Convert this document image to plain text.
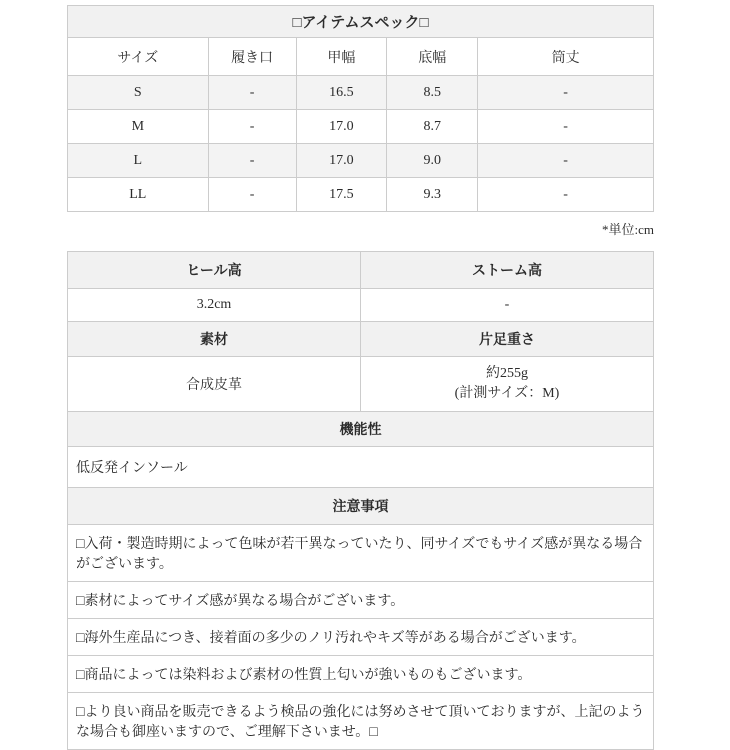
□アイテムスペック□				
サイズ	履き口	甲幅	底幅	筒丈
S	-	16.5	8.5	-
M	-	17.0	8.7	-
L	-	17.0	9.0	-
LL	-	17.5	9.3	-
*単位:cm
ヒール高	ストーム高
3.2cm	-
素材	片足重さ
合成皮革	約255g
(計測サイズ：M)

機能性	
低反発インソール	
注意事項	
□入荷・製造時期によって色味が若干異なっていたり、同サイズでもサイズ感が異なる場合がございます。	
□素材によってサイズ感が異なる場合がございます。	
□海外生産品につき、接着面の多少のノリ汚れやキズ等がある場合がございます。	
□商品によっては染料および素材の性質上匂いが強いものもございます。	
□より良い商品を販売できるよう検品の強化には努めさせて頂いておりますが、上記のような場合も御座いますので、ご理解下さいませ。□	
